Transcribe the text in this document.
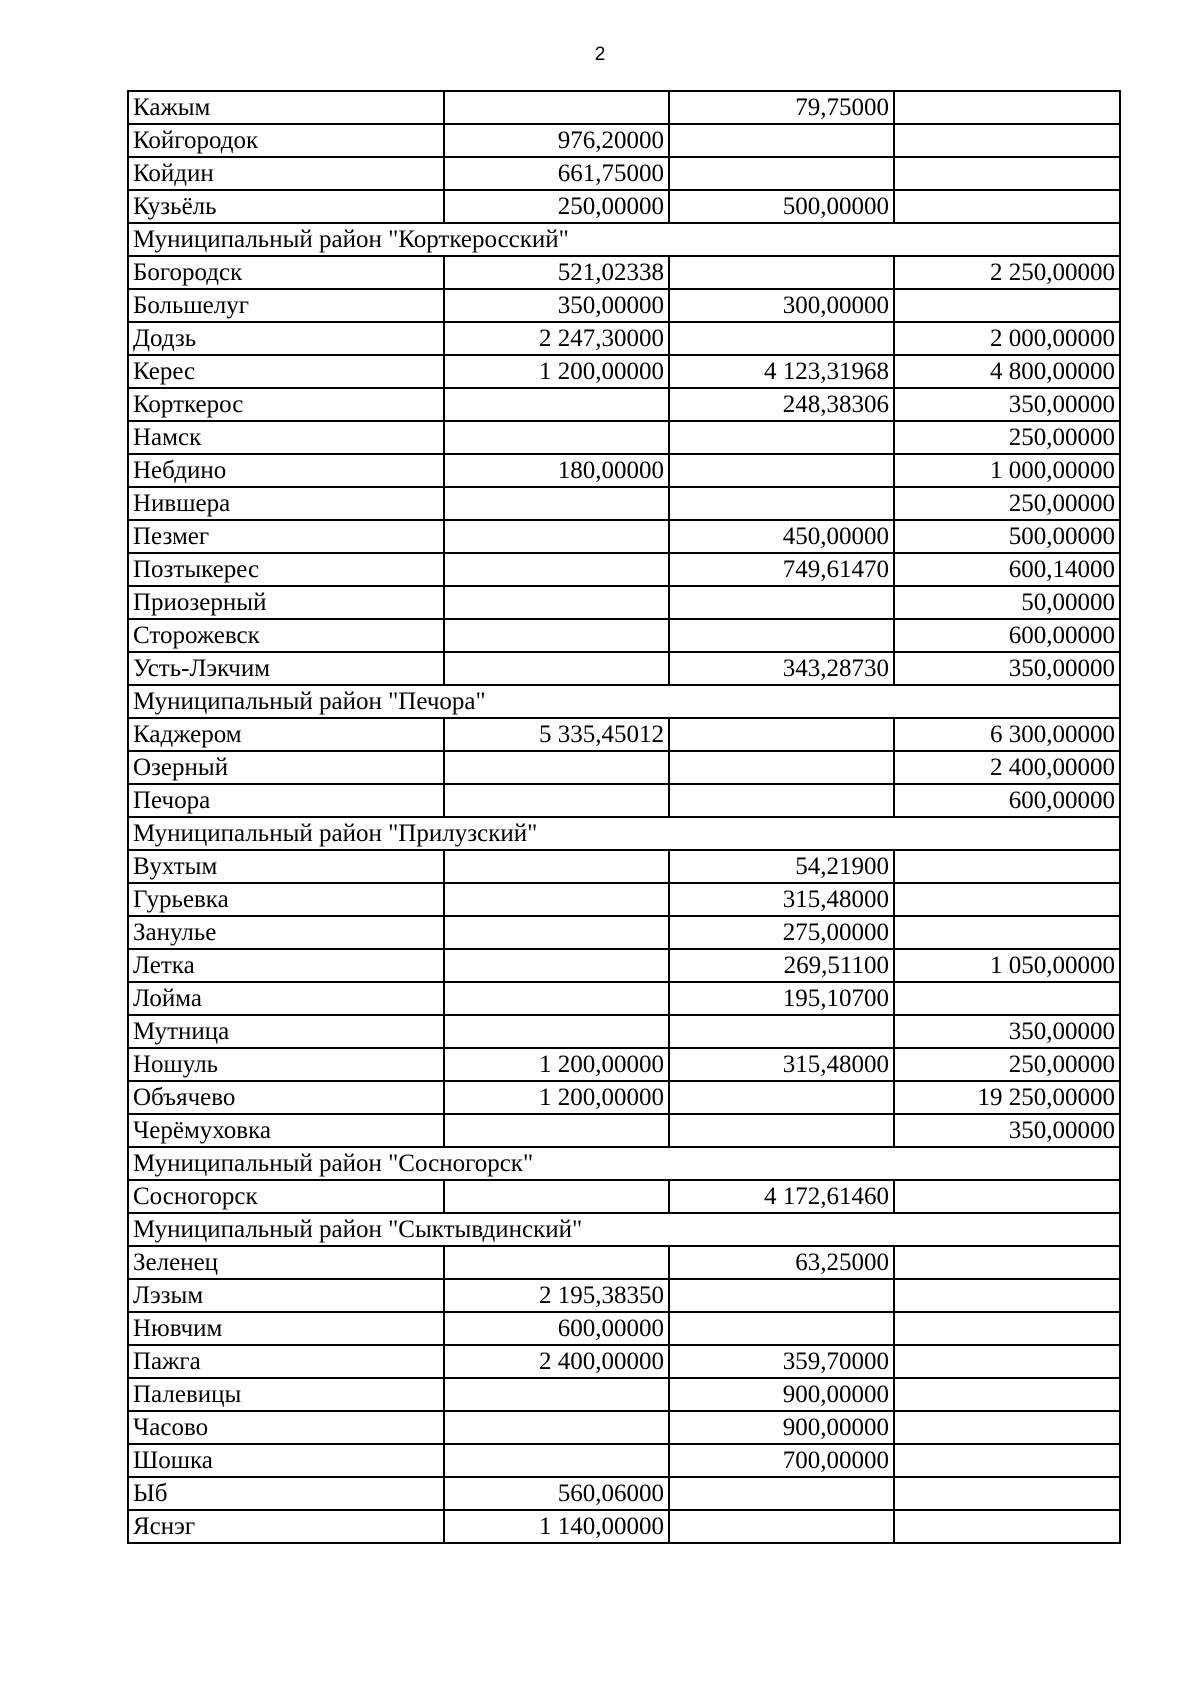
2
Кажым		79,75000	
Койгородок	976,20000		
Койдин	661,75000		
Кузьёль	250,00000	500,00000	
Муниципальный район "Корткеросский"			
Богородск	521,02338		2 250,00000
Большелуг	350,00000	300,00000	
Додзь	2 247,30000		2 000,00000
Керес	1 200,00000	4 123,31968	4 800,00000
Корткерос		248,38306	350,00000
Намск			250,00000
Небдино	180,00000		1 000,00000
Нившера			250,00000
Пезмег		450,00000	500,00000
Позтыкерес		749,61470	600,14000
Приозерный			50,00000
Сторожевск			600,00000
Усть-Лэкчим		343,28730	350,00000
Муниципальный район "Печора"			
Каджером	5 335,45012		6 300,00000
Озерный			2 400,00000
Печора			600,00000
Муниципальный район "Прилузский"			
Вухтым		54,21900	
Гурьевка		315,48000	
Занулье		275,00000	
Летка		269,51100	1 050,00000
Лойма		195,10700	
Мутница			350,00000
Ношуль	1 200,00000	315,48000	250,00000
Объячево	1 200,00000		19 250,00000
Черёмуховка			350,00000
Муниципальный район "Сосногорск"			
Сосногорск		4 172,61460	
Муниципальный район "Сыктывдинский"			
Зеленец		63,25000	
Лэзым	2 195,38350		
Нювчим	600,00000		
Пажга	2 400,00000	359,70000	
Палевицы		900,00000	
Часово		900,00000	
Шошка		700,00000	
Ыб	560,06000		
Яснэг	1 140,00000		
